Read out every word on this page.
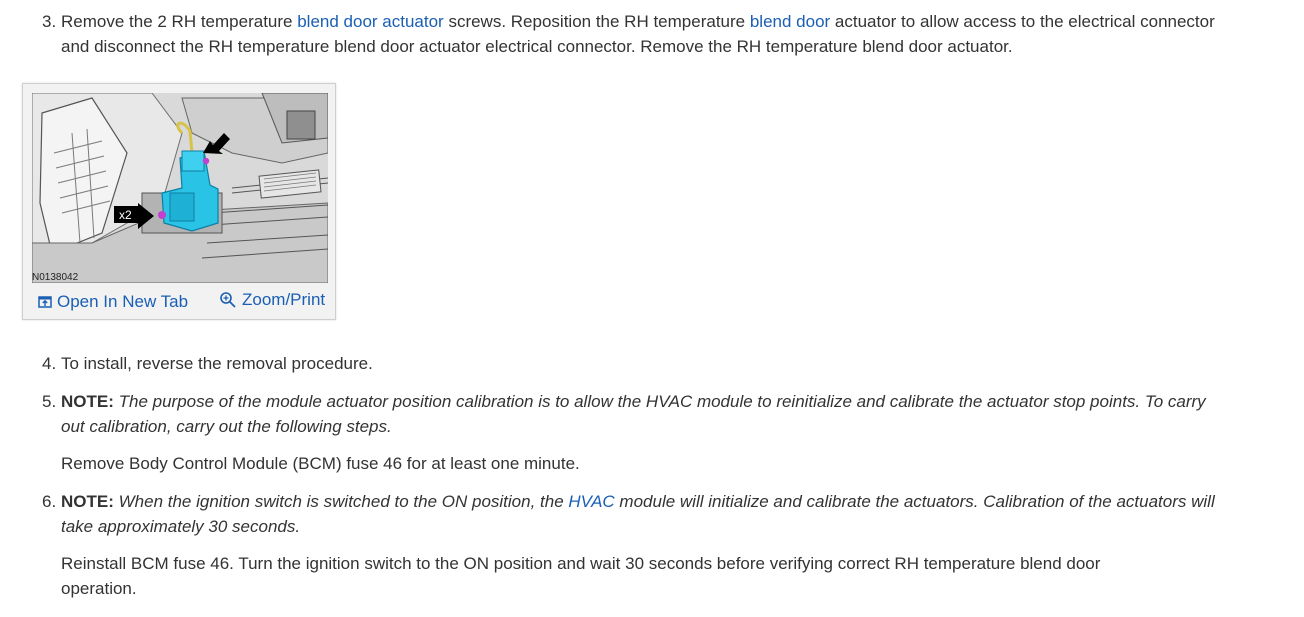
3. Remove the 2 RH temperature blend door actuator screws. Reposition the RH temperature blend door actuator to allow access to the electrical connector and disconnect the RH temperature blend door actuator electrical connector. Remove the RH temperature blend door actuator.
x2
N0138042
Open In New Tab	Zoom/Print
4. To install, reverse the removal procedure.
5. NOTE: The purpose of the module actuator position calibration is to allow the HVAC module to reinitialize and calibrate the actuator stop points. To carry out calibration, carry out the following steps.
Remove Body Control Module (BCM) fuse 46 for at least one minute.
6. NOTE: When the ignition switch is switched to the ON position, the HVAC module will initialize and calibrate the actuators. Calibration of the actuators will take approximately 30 seconds.
Reinstall BCM fuse 46. Turn the ignition switch to the ON position and wait 30 seconds before verifying correct RH temperature blend door operation.
